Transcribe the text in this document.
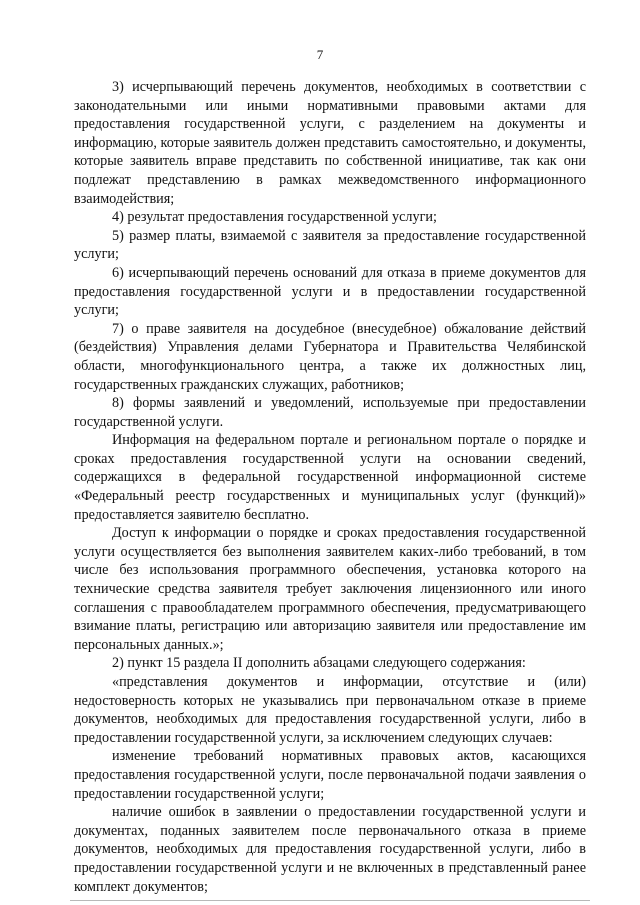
7

3) исчерпывающий перечень документов, необходимых в соответствии с законодательными или иными нормативными правовыми актами для предоставления государственной услуги, с разделением на документы и информацию, которые заявитель должен представить самостоятельно, и документы, которые заявитель вправе представить по собственной инициативе, так как они подлежат представлению в рамках межведомственного информационного взаимодействия;

4) результат предоставления государственной услуги;

5) размер платы, взимаемой с заявителя за предоставление государственной услуги;

6) исчерпывающий перечень оснований для отказа в приеме документов для предоставления государственной услуги и в предоставлении государственной услуги;

7) о праве заявителя на досудебное (внесудебное) обжалование действий (бездействия) Управления делами Губернатора и Правительства Челябинской области, многофункционального центра, а также их должностных лиц, государственных гражданских служащих, работников;

8) формы заявлений и уведомлений, используемые при предоставлении государственной услуги.

Информация на федеральном портале и региональном портале о порядке и сроках предоставления государственной услуги на основании сведений, содержащихся в федеральной государственной информационной системе «Федеральный реестр государственных и муниципальных услуг (функций)» предоставляется заявителю бесплатно.

Доступ к информации о порядке и сроках предоставления государственной услуги осуществляется без выполнения заявителем каких-либо требований, в том числе без использования программного обеспечения, установка которого на технические средства заявителя требует заключения лицензионного или иного соглашения с правообладателем программного обеспечения, предусматривающего взимание платы, регистрацию или авторизацию заявителя или предоставление им персональных данных.»;

2) пункт 15 раздела II дополнить абзацами следующего содержания:

«представления документов и информации, отсутствие и (или) недостоверность которых не указывались при первоначальном отказе в приеме документов, необходимых для предоставления государственной услуги, либо в предоставлении государственной услуги, за исключением следующих случаев:

изменение требований нормативных правовых актов, касающихся предоставления государственной услуги, после первоначальной подачи заявления о предоставлении государственной услуги;

наличие ошибок в заявлении о предоставлении государственной услуги и документах, поданных заявителем после первоначального отказа в приеме документов, необходимых для предоставления государственной услуги, либо в предоставлении государственной услуги и не включенных в представленный ранее комплект документов;
